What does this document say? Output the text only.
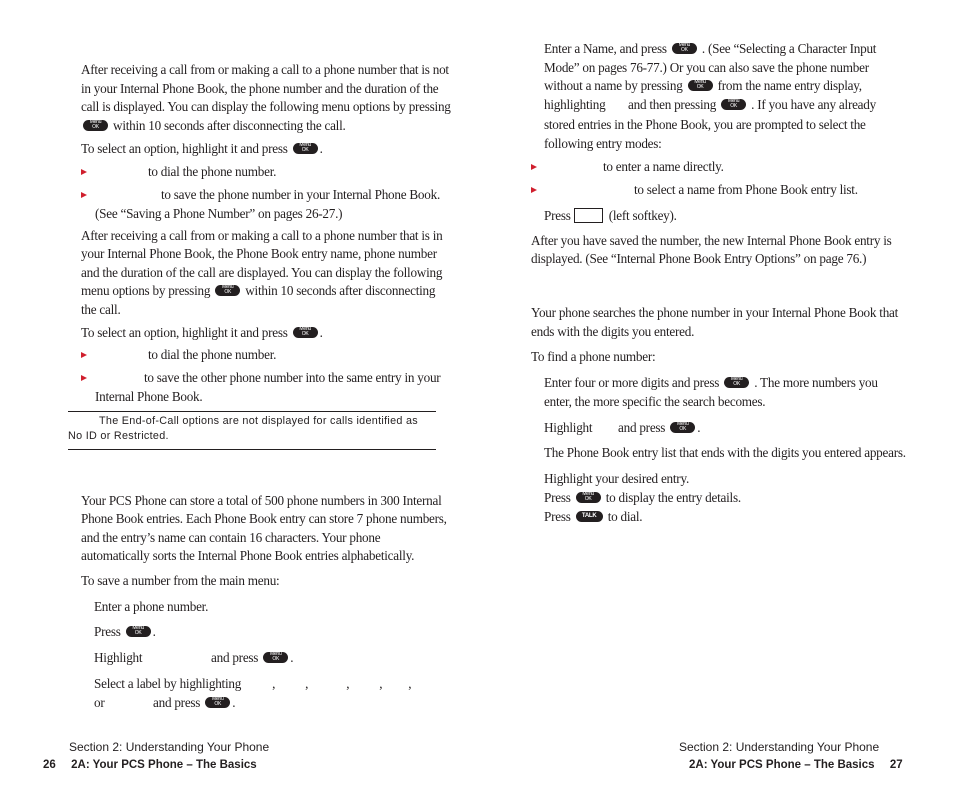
After receiving a call from or making a call to a phone number that is not
in your Internal Phone Book, the phone number and the duration of the
call is displayed. You can display the following menu options by pressing
Menu
OK	within 10 seconds after disconnecting the call.
To select an option, highlight it and press	Menu
OK .
to dial the phone number.
to save the phone number in your Internal Phone Book.
(See “Saving a Phone Number” on pages 26-27.)
After receiving a call from or making a call to a phone number that is in
your Internal Phone Book, the Phone Book entry name, phone number
and the duration of the call are displayed. You can display the following
menu options by pressing	Menu
OK	within 10 seconds after disconnecting
the call.
To select an option, highlight it and press	Menu
OK .
to dial the phone number.
to save the other phone number into the same entry in your
Internal Phone Book.
The End-of-Call options are not displayed for calls identified as
No ID or Restricted.
Your PCS Phone can store a total of 500 phone numbers in 300 Internal
Phone Book entries. Each Phone Book entry can store 7 phone numbers,
and the entry’s name can contain 16 characters. Your phone
automatically sorts the Internal Phone Book entries alphabetically.
To save a number from the main menu:
Enter a phone number.
Press	Menu
OK .
Highlight	and press	Menu
OK .
Select a label by highlighting , ,	, , ,
or	and press	Menu
OK .
Section 2: Understanding Your Phone
26 2A: Your PCS Phone – The Basics
Enter a Name, and press	Menu
OK	. (See “Selecting a Character Input
Mode” on pages 76-77.) Or you can also save the phone number
without a name by pressing	Menu
OK	from the name entry display,
highlighting and then pressing	Menu
OK	. If you have any already
stored entries in the Phone Book, you are prompted to select the
following entry modes:
to enter a name directly.
to select a name from Phone Book entry list.
Press	(left softkey).
After you have saved the number, the new Internal Phone Book entry is
displayed. (See “Internal Phone Book Entry Options” on page 76.)
Your phone searches the phone number in your Internal Phone Book that
ends with the digits you entered.
To find a phone number:
Enter four or more digits and press	Menu
OK	. The more numbers you
enter, the more specific the search becomes.
Highlight and press	Menu
OK .
The Phone Book entry list that ends with the digits you entered appears.
Highlight your desired entry.
Press	Menu
OK	to display the entry details.
Press TALK to dial.
Section 2: Understanding Your Phone
2A: Your PCS Phone – The Basics 27
